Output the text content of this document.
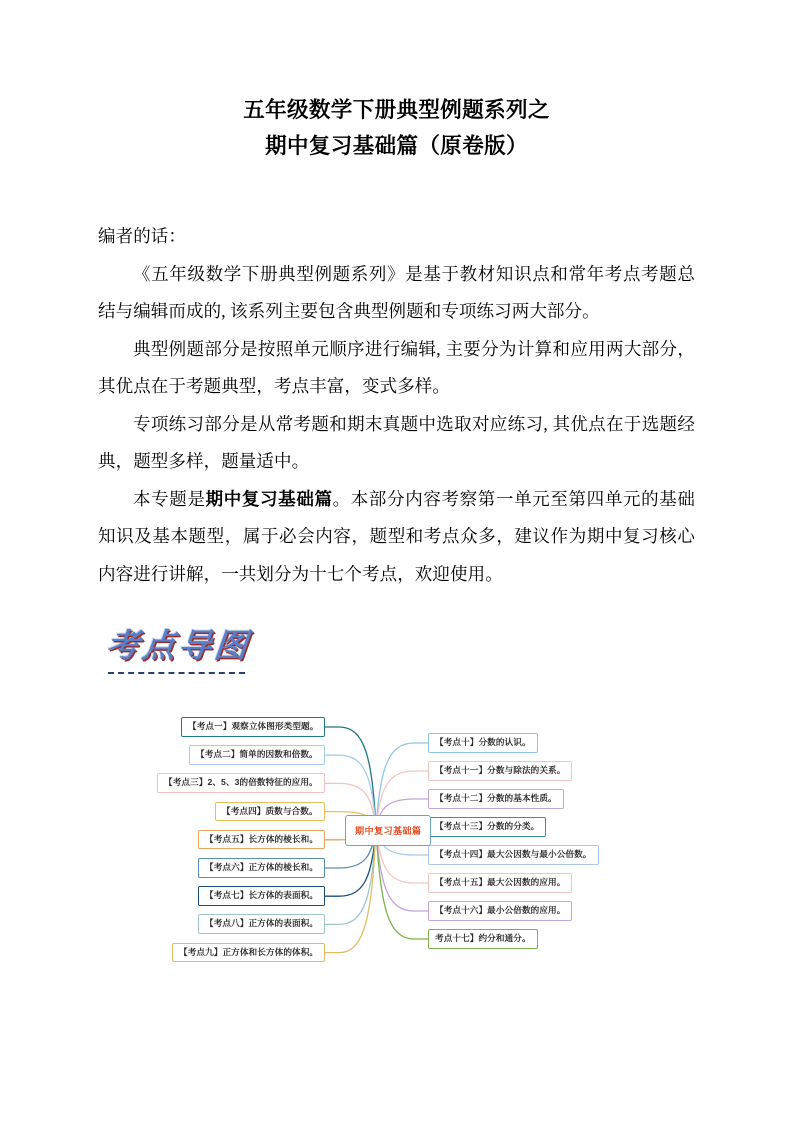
五年级数学下册典型例题系列之
期中复习基础篇（原卷版）
编者的话：
《五年级数学下册典型例题系列》是基于教材知识点和常年考点考题总结与编辑而成的, 该系列主要包含典型例题和专项练习两大部分。
典型例题部分是按照单元顺序进行编辑, 主要分为计算和应用两大部分，其优点在于考题典型，考点丰富，变式多样。
专项练习部分是从常考题和期末真题中选取对应练习, 其优点在于选题经典，题型多样，题量适中。
本专题是期中复习基础篇。本部分内容考察第一单元至第四单元的基础知识及基本题型，属于必会内容，题型和考点众多，建议作为期中复习核心内容进行讲解，一共划分为十七个考点，欢迎使用。
考点导图
期中复习基础篇
【考点一】观察立体图形类型题。
【考点二】简单的因数和倍数。
【考点三】2、5、3的倍数特征的应用。
【考点四】质数与合数。
【考点五】长方体的棱长和。
【考点六】正方体的棱长和。
【考点七】长方体的表面积。
【考点八】正方体的表面积。
【考点九】正方体和长方体的体积。
【考点十】分数的认识。
【考点十一】分数与除法的关系。
【考点十二】分数的基本性质。
【考点十三】分数的分类。
【考点十四】最大公因数与最小公倍数。
【考点十五】最大公因数的应用。
【考点十六】最小公倍数的应用。
考点十七】约分和通分。
